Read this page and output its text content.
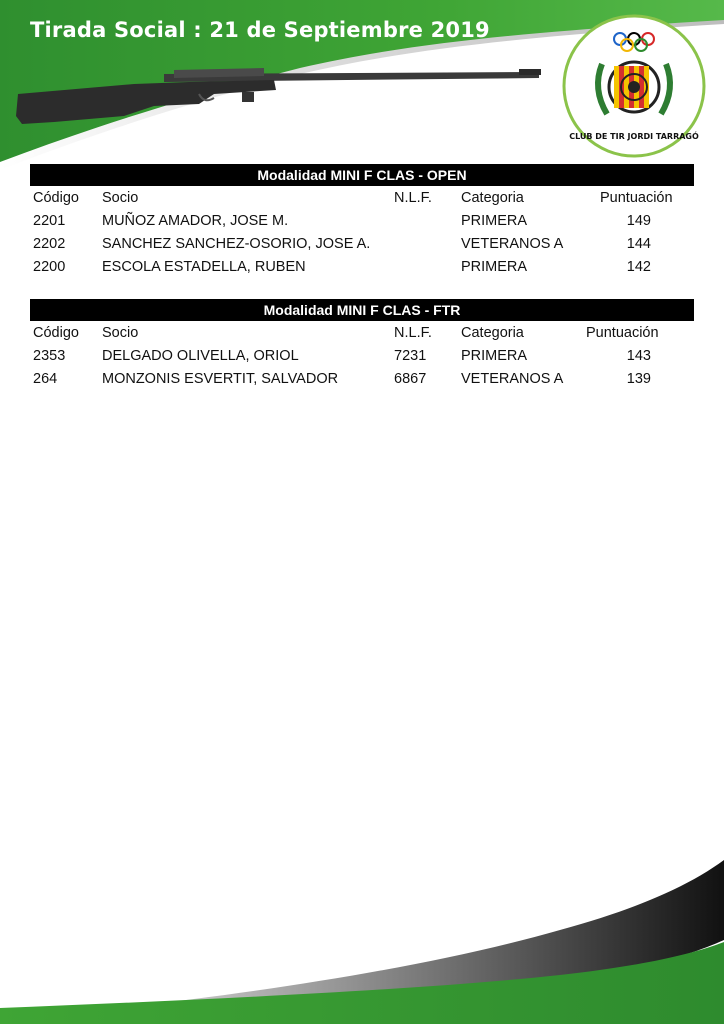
Tirada Social : 21 de Septiembre 2019
CLUB DE TIR JORDI TARRAGÓ
Modalidad MINI F CLAS - OPEN
Código Socio	N.L.F. Categoria	Puntuación
2201	MUÑOZ AMADOR, JOSE M.	PRIMERA	149
2202	SANCHEZ SANCHEZ-OSORIO, JOSE A.	VETERANOS A	144
2200	ESCOLA ESTADELLA, RUBEN	PRIMERA	142
Modalidad MINI F CLAS - FTR
Código Socio	N.L.F. Categoria	Puntuación
2353	DELGADO OLIVELLA, ORIOL	7231 PRIMERA	143
264	MONZONIS ESVERTIT, SALVADOR	6867 VETERANOS A	139
